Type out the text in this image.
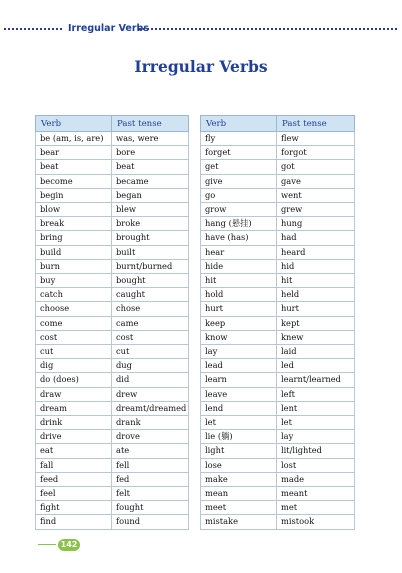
Irregular Verbs
Irregular Verbs
Verb	Past tense
be (am, is, are)	was, were
bear	bore
beat	beat
become	became
begin	began
blow	blew
break	broke
bring	brought
build	built
burn	burnt/burned
buy	bought
catch	caught
choose	chose
come	came
cost	cost
cut	cut
dig	dug
do (does)	did
draw	drew
dream	dreamt/dreamed
drink	drank
drive	drove
eat	ate
fall	fell
feed	fed
feel	felt
fight	fought
find	found
Verb	Past tense
fly	flew
forget	forgot
get	got
give	gave
go	went
grow	grew
hang (悬挂)	hung
have (has)	had
hear	heard
hide	hid
hit	hit
hold	held
hurt	hurt
keep	kept
know	knew
lay	laid
lead	led
learn	learnt/learned
leave	left
lend	lent
let	let
lie (躺)	lay
light	lit/lighted
lose	lost
make	made
mean	meant
meet	met
mistake	mistook
142
